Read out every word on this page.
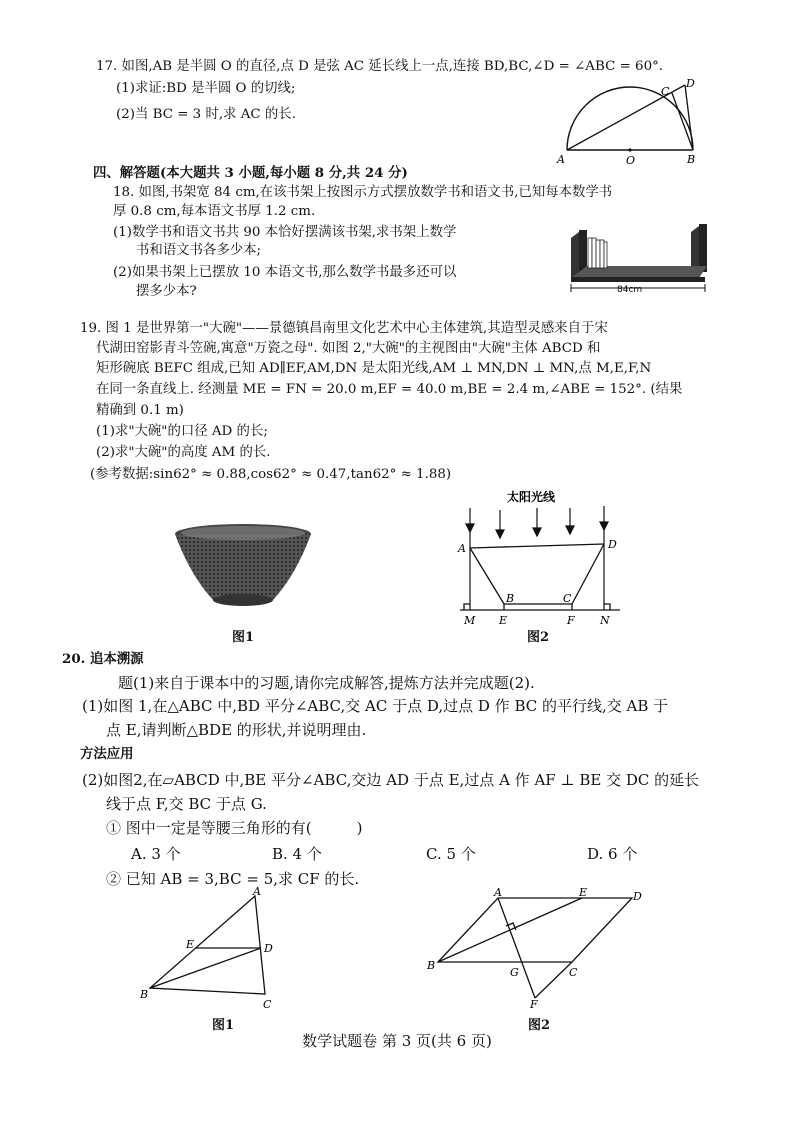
17. 如图,AB 是半圆 O 的直径,点 D 是弦 AC 延长线上一点,连接 BD,BC,∠D = ∠ABC = 60°.
(1)求证:BD 是半圆 O 的切线;
(2)当 BC = 3 时,求 AC 的长.
A	O	B
C
D
四、解答题(本大题共 3 小题,每小题 8 分,共 24 分)
18. 如图,书架宽 84 cm,在该书架上按图示方式摆放数学书和语文书,已知每本数学书
厚 0.8 cm,每本语文书厚 1.2 cm.
(1)数学书和语文书共 90 本恰好摆满该书架,求书架上数学
书和语文书各多少本;
(2)如果书架上已摆放 10 本语文书,那么数学书最多还可以
摆多少本?	84cm
19. 图 1 是世界第一"大碗"——景德镇昌南里文化艺术中心主体建筑,其造型灵感来自于宋
代湖田窑影青斗笠碗,寓意"万瓷之母". 如图 2,"大碗"的主视图由"大碗"主体 ABCD 和
矩形碗底 BEFC 组成,已知 AD∥EF,AM,DN 是太阳光线,AM ⊥ MN,DN ⊥ MN,点 M,E,F,N
在同一条直线上. 经测量 ME = FN = 20.0 m,EF = 40.0 m,BE = 2.4 m,∠ABE = 152°. (结果
精确到 0.1 m)
(1)求"大碗"的口径 AD 的长;
(2)求"大碗"的高度 AM 的长.
(参考数据:sin62° ≈ 0.88,cos62° ≈ 0.47,tan62° ≈ 1.88)
图1
太阳光线
A	D
B	C
M E	F N
图2
20. 追本溯源
题(1)来自于课本中的习题,请你完成解答,提炼方法并完成题(2).
(1)如图 1,在△ABC 中,BD 平分∠ABC,交 AC 于点 D,过点 D 作 BC 的平行线,交 AB 于
点 E,请判断△BDE 的形状,并说明理由.
方法应用
(2)如图2,在▱ABCD 中,BE 平分∠ABC,交边 AD 于点 E,过点 A 作 AF ⊥ BE 交 DC 的延长
线于点 F,交 BC 于点 G.
① 图中一定是等腰三角形的有(　　　)
A. 3 个	B. 4 个	C. 5 个	D. 6 个
② 已知 AB = 3,BC = 5,求 CF 的长.
A
E	D
B
C
图1
A	E	D
B
G	C
F
图2
数学试题卷 第 3 页(共 6 页)
